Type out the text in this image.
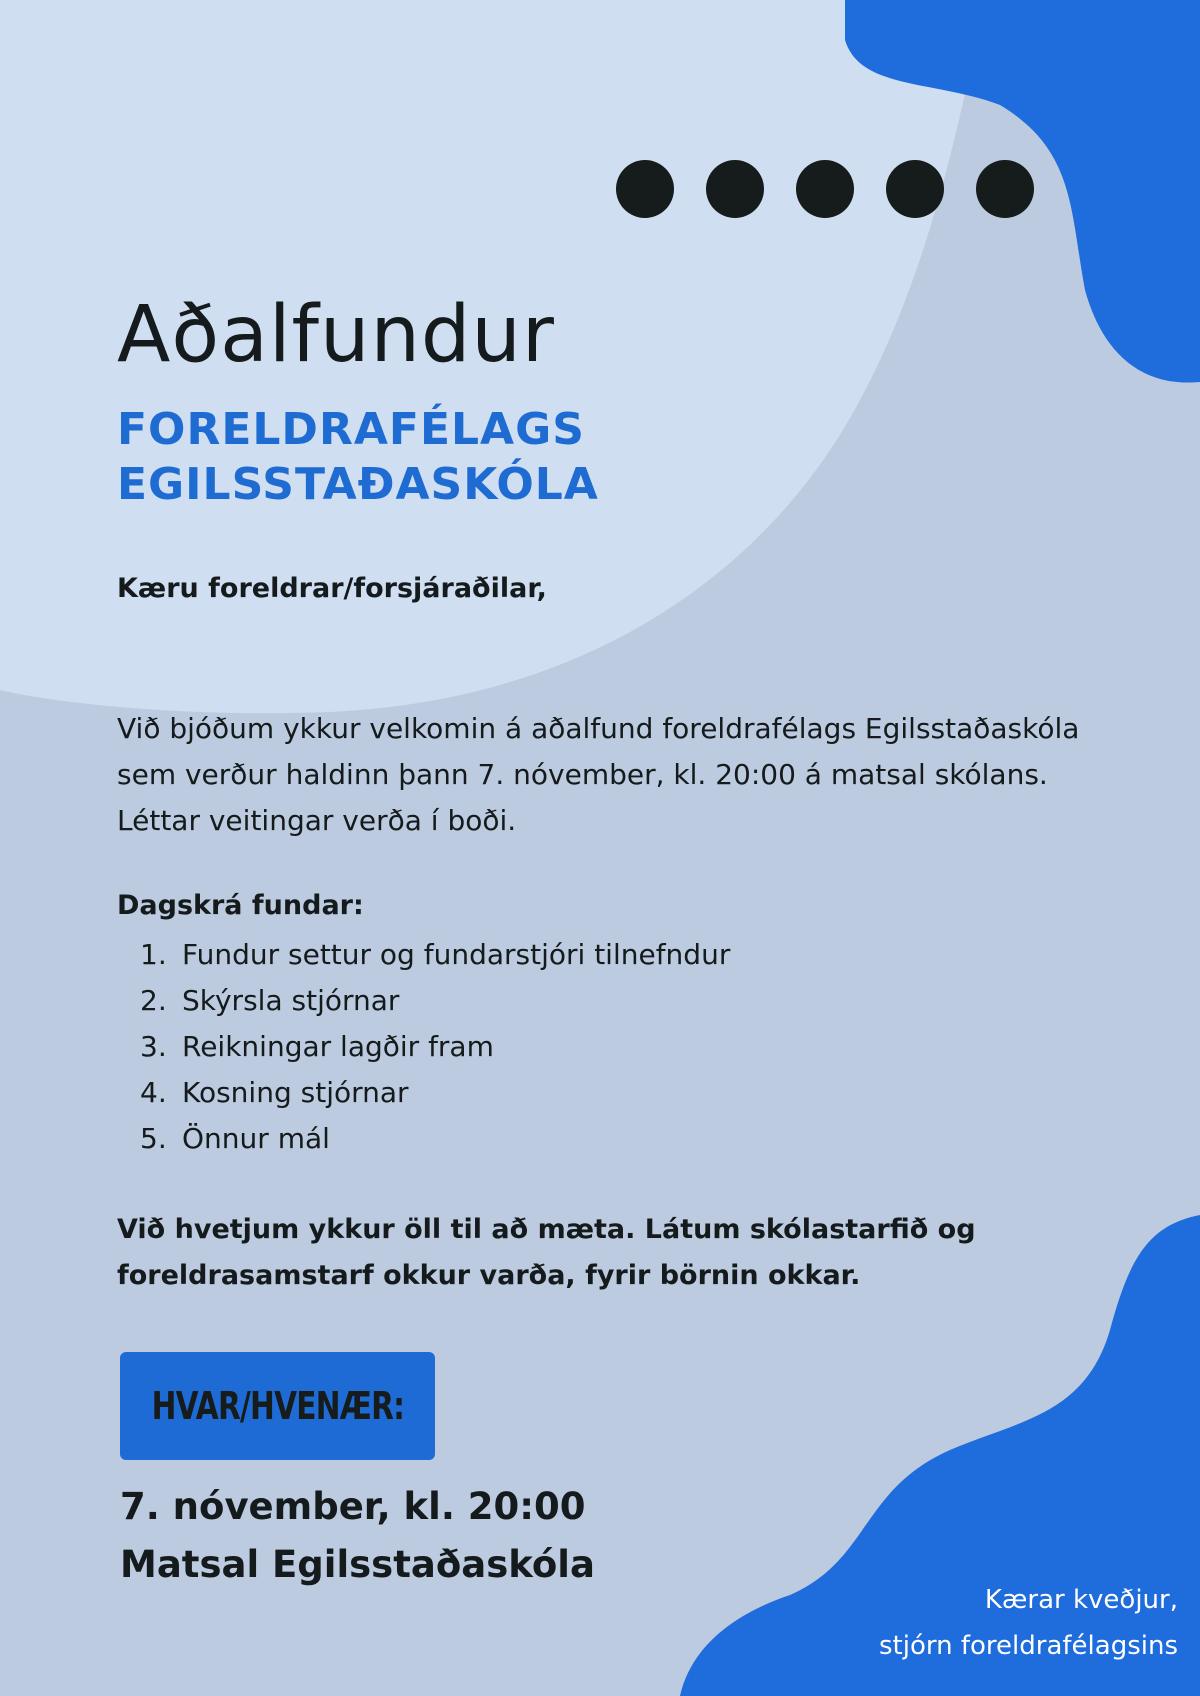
Aðalfundur
FORELDRAFÉLAGS
EGILSSTAÐASKÓLA

Kæru foreldrar/forsjáraðilar,

Við bjóðum ykkur velkomin á aðalfund foreldrafélags Egilsstaðaskóla sem verður haldinn þann 7. nóvember, kl. 20:00 á matsal skólans. Léttar veitingar verða í boði.

Dagskrá fundar:

1. Fundur settur og fundarstjóri tilnefndur
2. Skýrsla stjórnar
3. Reikningar lagðir fram
4. Kosning stjórnar
5. Önnur mál

Við hvetjum ykkur öll til að mæta. Látum skólastarfið og foreldrasamstarf okkur varða, fyrir börnin okkar.

HVAR/HVENÆR:

7. nóvember, kl. 20:00

Matsal Egilsstaðaskóla

Kærar kveðjur,
stjórn foreldrafélagsins
